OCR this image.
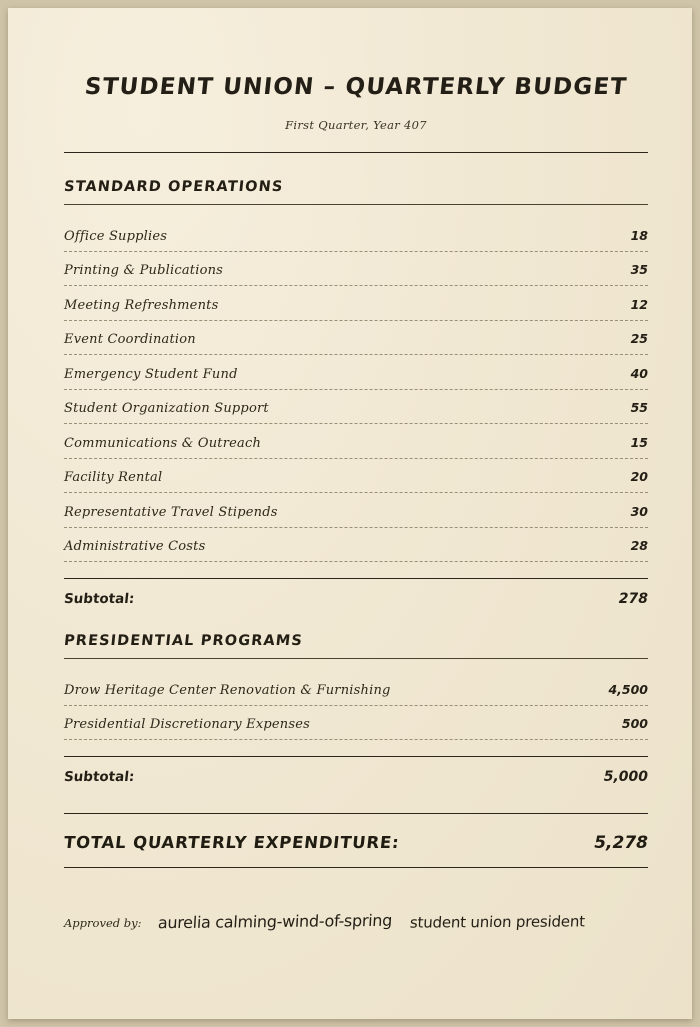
STUDENT UNION – QUARTERLY BUDGET
First Quarter, Year 407
STANDARD OPERATIONS
Office Supplies	18
Printing & Publications	35
Meeting Refreshments	12
Event Coordination	25
Emergency Student Fund	40
Student Organization Support	55
Communications & Outreach	15
Facility Rental	20
Representative Travel Stipends	30
Administrative Costs	28
Subtotal:	278
PRESIDENTIAL PROGRAMS
Drow Heritage Center Renovation & Furnishing	4,500
Presidential Discretionary Expenses	500
Subtotal:	5,000
TOTAL QUARTERLY EXPENDITURE:	5,278
Approved by: aurelia calming-wind-of-spring student union president
